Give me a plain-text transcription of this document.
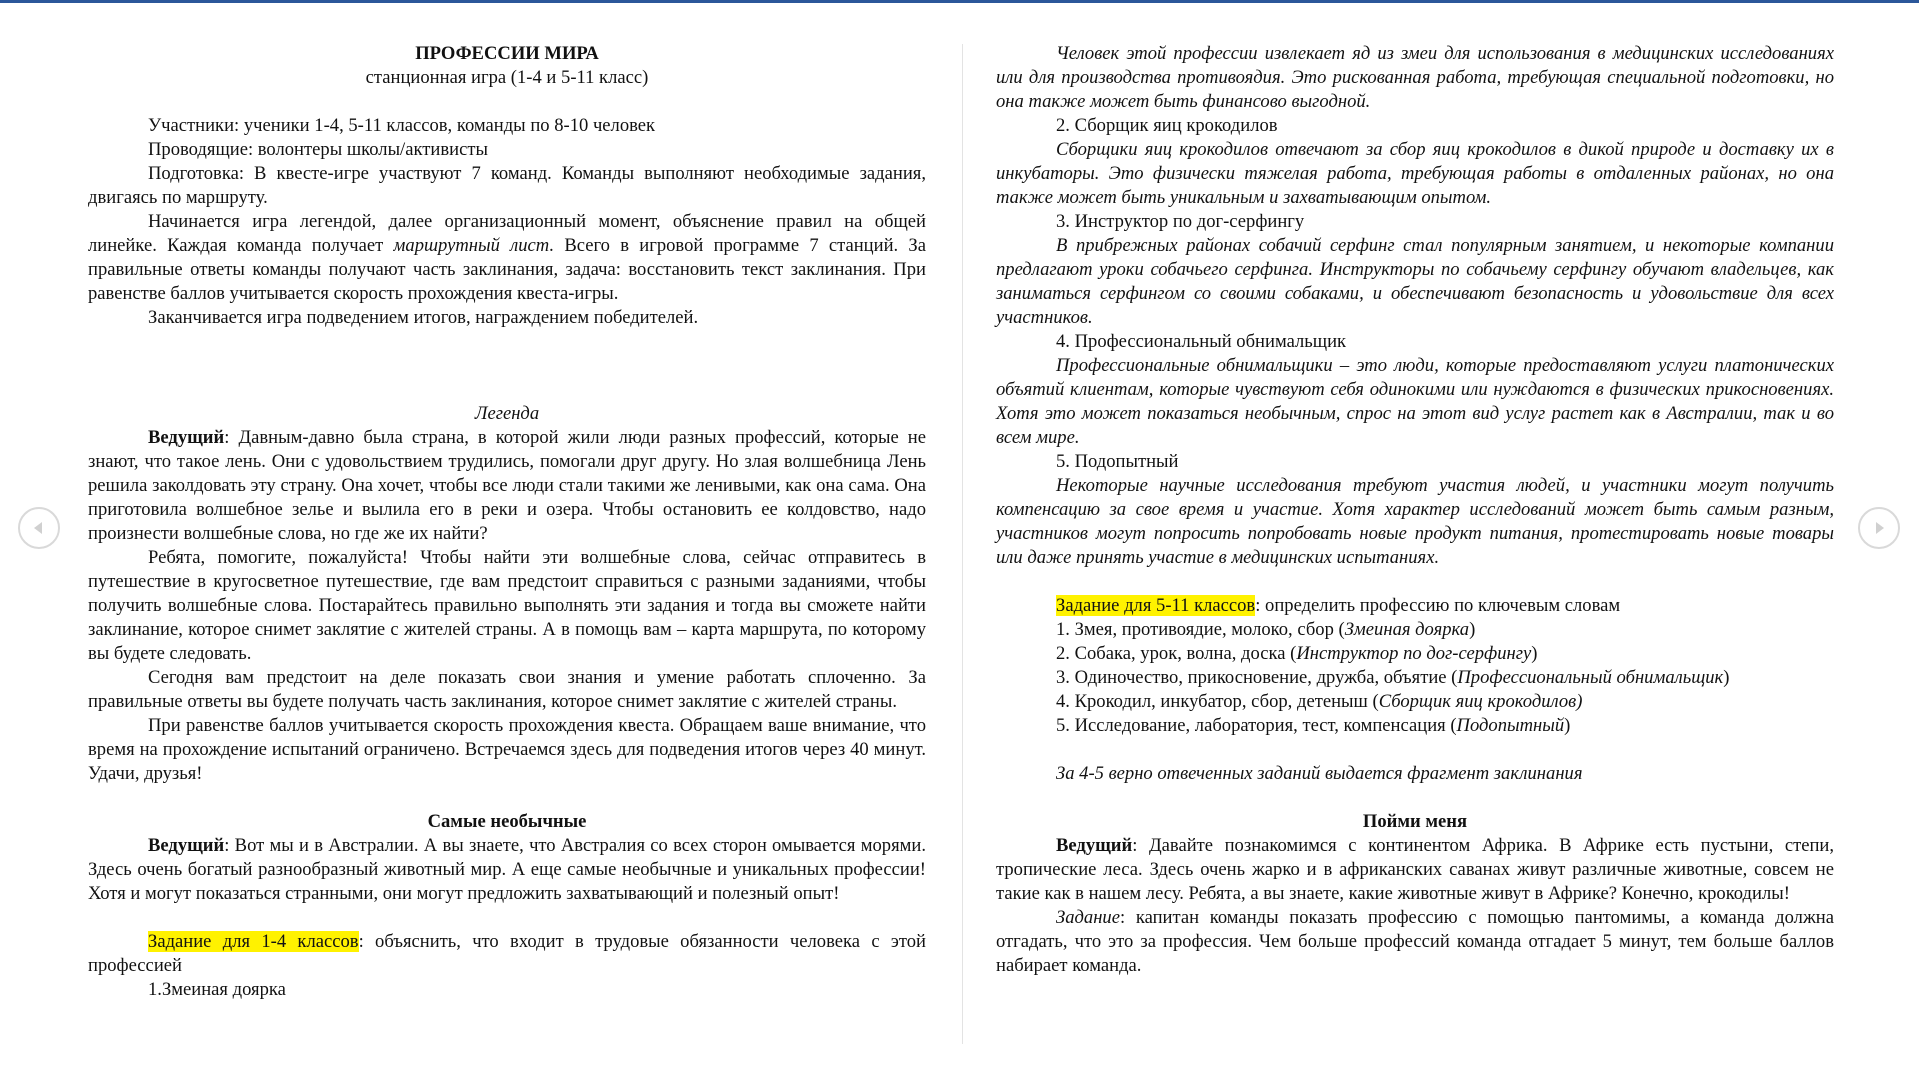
ПРОФЕССИИ МИРА

станционная игра (1-4 и 5-11 класс)

Участники: ученики 1-4, 5-11 классов, команды по 8-10 человек

Проводящие: волонтеры школы/активисты

Подготовка: В квесте-игре участвуют 7 команд. Команды выполняют необходимые задания, двигаясь по маршруту.

Начинается игра легендой, далее организационный момент, объяснение правил на общей линейке. Каждая команда получает маршрутный лист. Всего в игровой программе 7 станций. За правильные ответы команды получают часть заклинания, задача: восстановить текст заклинания. При равенстве баллов учитывается скорость прохождения квеста-игры.

Заканчивается игра подведением итогов, награждением победителей.

Легенда

Ведущий: Давным-давно была страна, в которой жили люди разных профессий, которые не знают, что такое лень. Они с удовольствием трудились, помогали друг другу. Но злая волшебница Лень решила заколдовать эту страну. Она хочет, чтобы все люди стали такими же ленивыми, как она сама. Она приготовила волшебное зелье и вылила его в реки и озера. Чтобы остановить ее колдовство, надо произнести волшебные слова, но где же их найти?

Ребята, помогите, пожалуйста! Чтобы найти эти волшебные слова, сейчас отправитесь в путешествие в кругосветное путешествие, где вам предстоит справиться с разными заданиями, чтобы получить волшебные слова. Постарайтесь правильно выполнять эти задания и тогда вы сможете найти заклинание, которое снимет заклятие с жителей страны. А в помощь вам – карта маршрута, по которому вы будете следовать.

Сегодня вам предстоит на деле показать свои знания и умение работать сплоченно. За правильные ответы вы будете получать часть заклинания, которое снимет заклятие с жителей страны.

При равенстве баллов учитывается скорость прохождения квеста. Обращаем ваше внимание, что время на прохождение испытаний ограничено. Встречаемся здесь для подведения итогов через 40 минут. Удачи, друзья!

Самые необычные

Ведущий: Вот мы и в Австралии. А вы знаете, что Австралия со всех сторон омывается морями. Здесь очень богатый разнообразный животный мир. А еще самые необычные и уникальных профессии! Хотя и могут показаться странными, они могут предложить захватывающий и полезный опыт!

Задание для 1-4 классов: объяснить, что входит в трудовые обязанности человека с этой профессией

1.Змеиная доярка

Человек этой профессии извлекает яд из змеи для использования в медицинских исследованиях или для производства противоядия. Это рискованная работа, требующая специальной подготовки, но она также может быть финансово выгодной.

2. Сборщик яиц крокодилов

Сборщики яиц крокодилов отвечают за сбор яиц крокодилов в дикой природе и доставку их в инкубаторы. Это физически тяжелая работа, требующая работы в отдаленных районах, но она также может быть уникальным и захватывающим опытом.

3. Инструктор по дог-серфингу

В прибрежных районах собачий серфинг стал популярным занятием, и некоторые компании предлагают уроки собачьего серфинга. Инструкторы по собачьему серфингу обучают владельцев, как заниматься серфингом со своими собаками, и обеспечивают безопасность и удовольствие для всех участников.

4. Профессиональный обнимальщик

Профессиональные обнимальщики – это люди, которые предоставляют услуги платонических объятий клиентам, которые чувствуют себя одинокими или нуждаются в физических прикосновениях. Хотя это может показаться необычным, спрос на этот вид услуг растет как в Австралии, так и во всем мире.

5. Подопытный

Некоторые научные исследования требуют участия людей, и участники могут получить компенсацию за свое время и участие. Хотя характер исследований может быть самым разным, участников могут попросить попробовать новые продукт питания, протестировать новые товары или даже принять участие в медицинских испытаниях.

Задание для 5-11 классов: определить профессию по ключевым словам

1. Змея, противоядие, молоко, сбор (Змеиная доярка)

2. Собака, урок, волна, доска (Инструктор по дог-серфингу)

3. Одиночество, прикосновение, дружба, объятие (Профессиональный обнимальщик)

4. Крокодил, инкубатор, сбор, детеныш (Сборщик яиц крокодилов)

5. Исследование, лаборатория, тест, компенсация (Подопытный)

За 4-5 верно отвеченных заданий выдается фрагмент заклинания

Пойми меня

Ведущий: Давайте познакомимся с континентом Африка. В Африке есть пустыни, степи, тропические леса. Здесь очень жарко и в африканских саванах живут различные животные, совсем не такие как в нашем лесу. Ребята, а вы знаете, какие животные живут в Африке? Конечно, крокодилы!

Задание: капитан команды показать профессию с помощью пантомимы, а команда должна отгадать, что это за профессия. Чем больше профессий команда отгадает 5 минут, тем больше баллов набирает команда.
